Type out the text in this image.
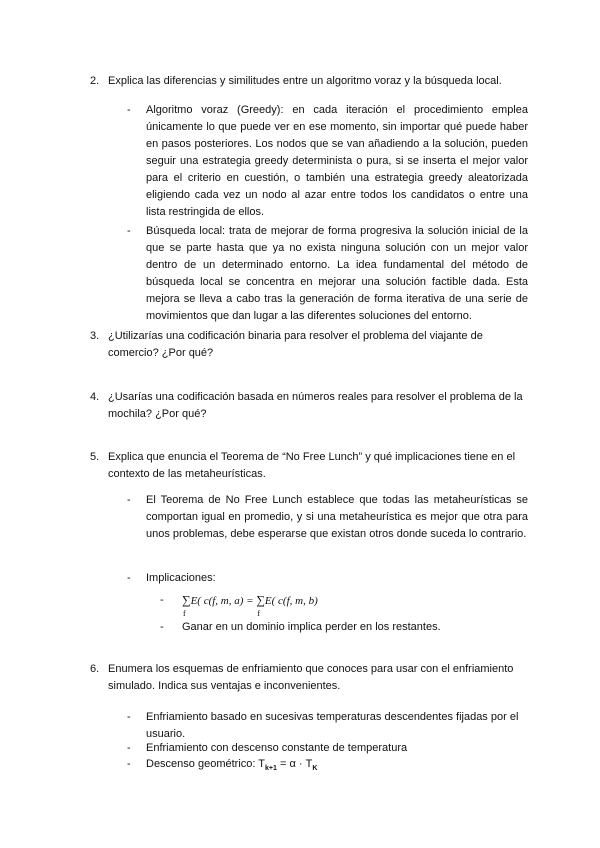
2. Explica las diferencias y similitudes entre un algoritmo voraz y la búsqueda local.
- Algoritmo voraz (Greedy): en cada iteración el procedimiento emplea únicamente lo que puede ver en ese momento, sin importar qué puede haber en pasos posteriores. Los nodos que se van añadiendo a la solución, pueden seguir una estrategia greedy determinista o pura, si se inserta el mejor valor para el criterio en cuestión, o también una estrategia greedy aleatorizada eligiendo cada vez un nodo al azar entre todos los candidatos o entre una lista restringida de ellos.
- Búsqueda local: trata de mejorar de forma progresiva la solución inicial de la que se parte hasta que ya no exista ninguna solución con un mejor valor dentro de un determinado entorno. La idea fundamental del método de búsqueda local se concentra en mejorar una solución factible dada. Esta mejora se lleva a cabo tras la generación de forma iterativa de una serie de movimientos que dan lugar a las diferentes soluciones del entorno.
3. ¿Utilizarías una codificación binaria para resolver el problema del viajante de comercio? ¿Por qué?
4. ¿Usarías una codificación basada en números reales para resolver el problema de la mochila? ¿Por qué?
5. Explica que enuncia el Teorema de “No Free Lunch” y qué implicaciones tiene en el contexto de las metaheurísticas.
- El Teorema de No Free Lunch establece que todas las metaheurísticas se comportan igual en promedio, y si una metaheurística es mejor que otra para unos problemas, debe esperarse que existan otros donde suceda lo contrario.
- Implicaciones:
- ∑
f
E( c(f, m, a) = ∑
f
E( c(f, m, b)
- Ganar en un dominio implica perder en los restantes.
6. Enumera los esquemas de enfriamiento que conoces para usar con el enfriamiento simulado. Indica sus ventajas e inconvenientes.
- Enfriamiento basado en sucesivas temperaturas descendentes fijadas por el usuario.
- Enfriamiento con descenso constante de temperatura
- Descenso geométrico: $T_{k+1} = \alpha \cdot T_K$
